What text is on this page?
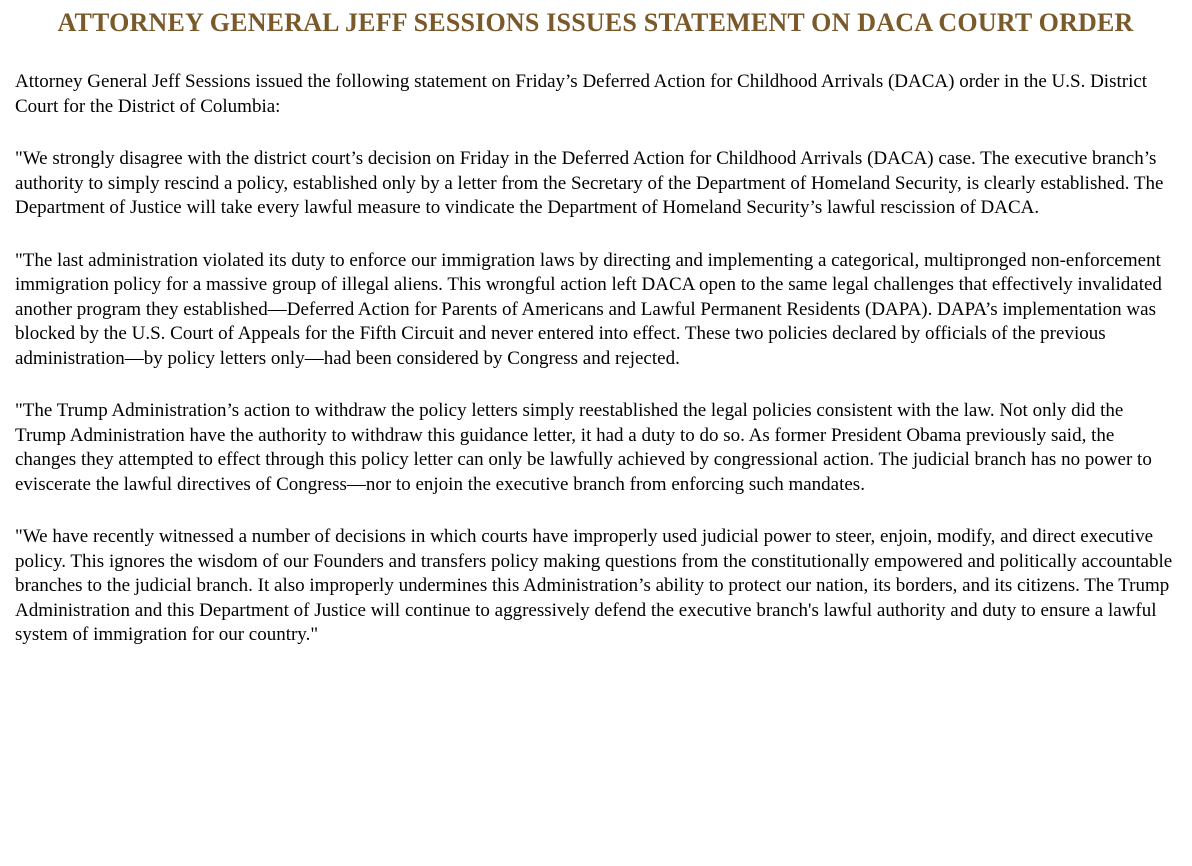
ATTORNEY GENERAL JEFF SESSIONS ISSUES STATEMENT ON DACA COURT ORDER

Attorney General Jeff Sessions issued the following statement on Friday’s Deferred Action for Childhood Arrivals (DACA) order in the U.S. District Court for the District of Columbia:

"We strongly disagree with the district court’s decision on Friday in the Deferred Action for Childhood Arrivals (DACA) case. The executive branch’s authority to simply rescind a policy, established only by a letter from the Secretary of the Department of Homeland Security, is clearly established. The Department of Justice will take every lawful measure to vindicate the Department of Homeland Security’s lawful rescission of DACA.

"The last administration violated its duty to enforce our immigration laws by directing and implementing a categorical, multipronged non-enforcement immigration policy for a massive group of illegal aliens. This wrongful action left DACA open to the same legal challenges that effectively invalidated another program they established—Deferred Action for Parents of Americans and Lawful Permanent Residents (DAPA). DAPA’s implementation was blocked by the U.S. Court of Appeals for the Fifth Circuit and never entered into effect. These two policies declared by officials of the previous administration—by policy letters only—had been considered by Congress and rejected.

"The Trump Administration’s action to withdraw the policy letters simply reestablished the legal policies consistent with the law. Not only did the Trump Administration have the authority to withdraw this guidance letter, it had a duty to do so. As former President Obama previously said, the changes they attempted to effect through this policy letter can only be lawfully achieved by congressional action. The judicial branch has no power to eviscerate the lawful directives of Congress—nor to enjoin the executive branch from enforcing such mandates.

"We have recently witnessed a number of decisions in which courts have improperly used judicial power to steer, enjoin, modify, and direct executive policy. This ignores the wisdom of our Founders and transfers policy making questions from the constitutionally empowered and politically accountable branches to the judicial branch. It also improperly undermines this Administration’s ability to protect our nation, its borders, and its citizens. The Trump Administration and this Department of Justice will continue to aggressively defend the executive branch's lawful authority and duty to ensure a lawful system of immigration for our country."
